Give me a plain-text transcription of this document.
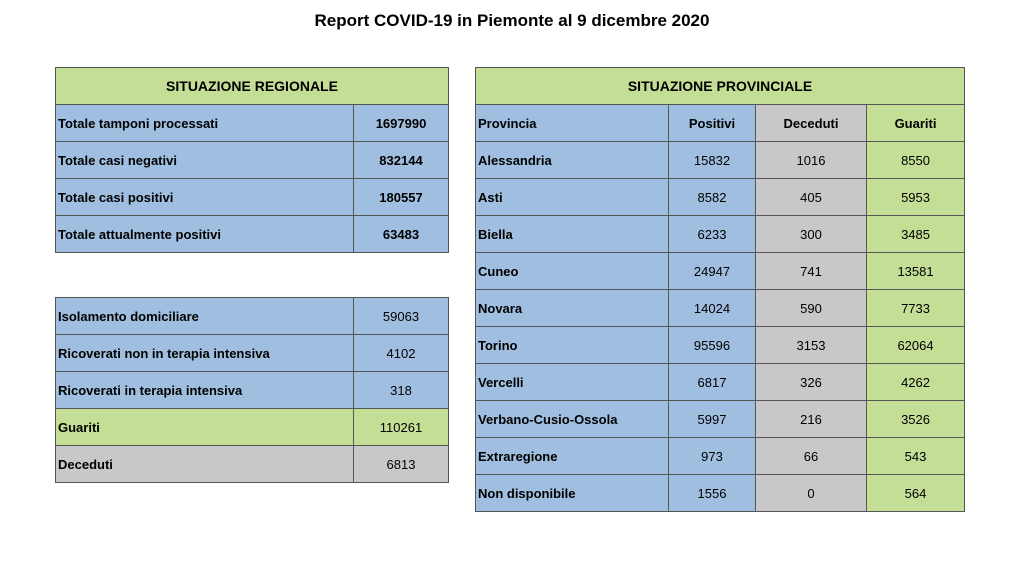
Report COVID-19 in Piemonte al 9 dicembre 2020
SITUAZIONE REGIONALE	
Totale tamponi processati	1697990
Totale casi negativi	832144
Totale casi positivi	180557
Totale attualmente positivi	63483
Isolamento domiciliare	59063
Ricoverati non in terapia intensiva	4102
Ricoverati in terapia intensiva	318
Guariti	110261
Deceduti	6813
SITUAZIONE PROVINCIALE			
Provincia	Positivi	Deceduti	Guariti
Alessandria	15832	1016	8550
Asti	8582	405	5953
Biella	6233	300	3485
Cuneo	24947	741	13581
Novara	14024	590	7733
Torino	95596	3153	62064
Vercelli	6817	326	4262
Verbano-Cusio-Ossola	5997	216	3526
Extraregione	973	66	543
Non disponibile	1556	0	564
